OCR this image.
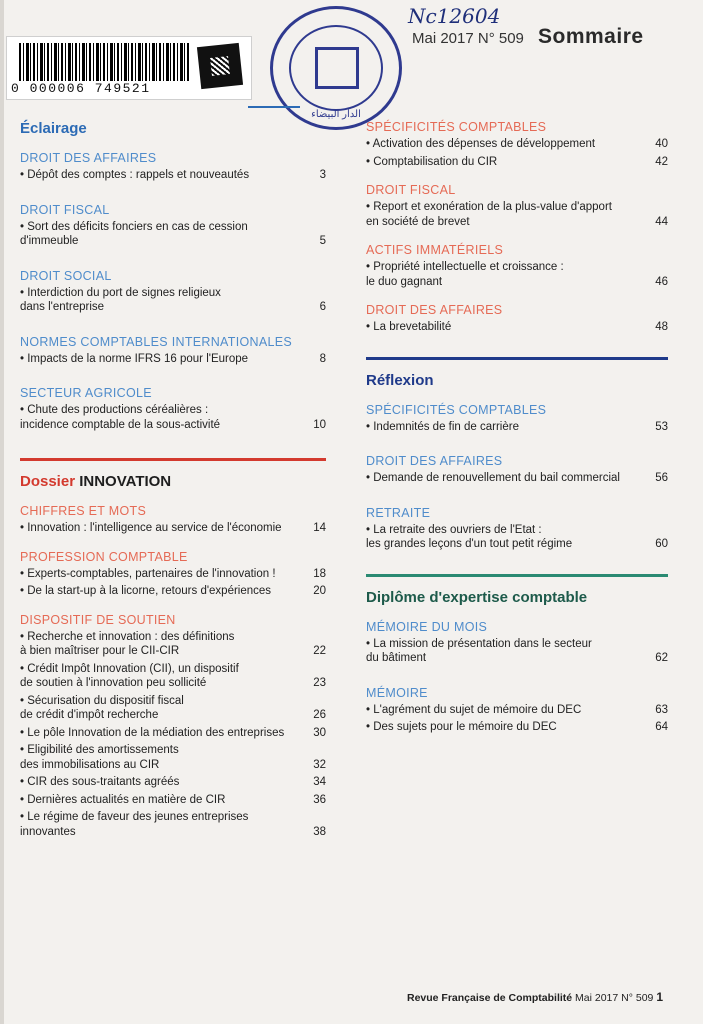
0 000006 749521
الدار البيضاء
Nc12604
Mai 2017 N° 509 Sommaire
Éclairage
DROIT DES AFFAIRES
• Dépôt des comptes : rappels et nouveautés	3
DROIT FISCAL
• Sort des déficits fonciers en cas de cession
d'immeuble	5
DROIT SOCIAL
• Interdiction du port de signes religieux
dans l'entreprise	6
NORMES COMPTABLES INTERNATIONALES
• Impacts de la norme IFRS 16 pour l'Europe	8
SECTEUR AGRICOLE
• Chute des productions céréalières :
incidence comptable de la sous-activité	10
Dossier INNOVATION
CHIFFRES ET MOTS
• Innovation : l'intelligence au service de l'économie	14
PROFESSION COMPTABLE
• Experts-comptables, partenaires de l'innovation !	18
• De la start-up à la licorne, retours d'expériences	20
DISPOSITIF DE SOUTIEN
• Recherche et innovation : des définitions
à bien maîtriser pour le CII-CIR	22
• Crédit Impôt Innovation (CII), un dispositif
de soutien à l'innovation peu sollicité	23
• Sécurisation du dispositif fiscal
de crédit d'impôt recherche	26
• Le pôle Innovation de la médiation des entreprises	30
• Eligibilité des amortissements
des immobilisations au CIR	32
• CIR des sous-traitants agréés	34
• Dernières actualités en matière de CIR	36
• Le régime de faveur des jeunes entreprises
innovantes	38
SPÉCIFICITÉS COMPTABLES
• Activation des dépenses de développement	40
• Comptabilisation du CIR	42
DROIT FISCAL
• Report et exonération de la plus-value d'apport
en société de brevet	44
ACTIFS IMMATÉRIELS
• Propriété intellectuelle et croissance :
le duo gagnant	46
DROIT DES AFFAIRES
• La brevetabilité	48
Réflexion
SPÉCIFICITÉS COMPTABLES
• Indemnités de fin de carrière	53
DROIT DES AFFAIRES
• Demande de renouvellement du bail commercial	56
RETRAITE
• La retraite des ouvriers de l'Etat :
les grandes leçons d'un tout petit régime	60
Diplôme d'expertise comptable
MÉMOIRE DU MOIS
• La mission de présentation dans le secteur
du bâtiment	62
MÉMOIRE
• L'agrément du sujet de mémoire du DEC	63
• Des sujets pour le mémoire du DEC	64
Revue Française de Comptabilité Mai 2017 N° 509 1
